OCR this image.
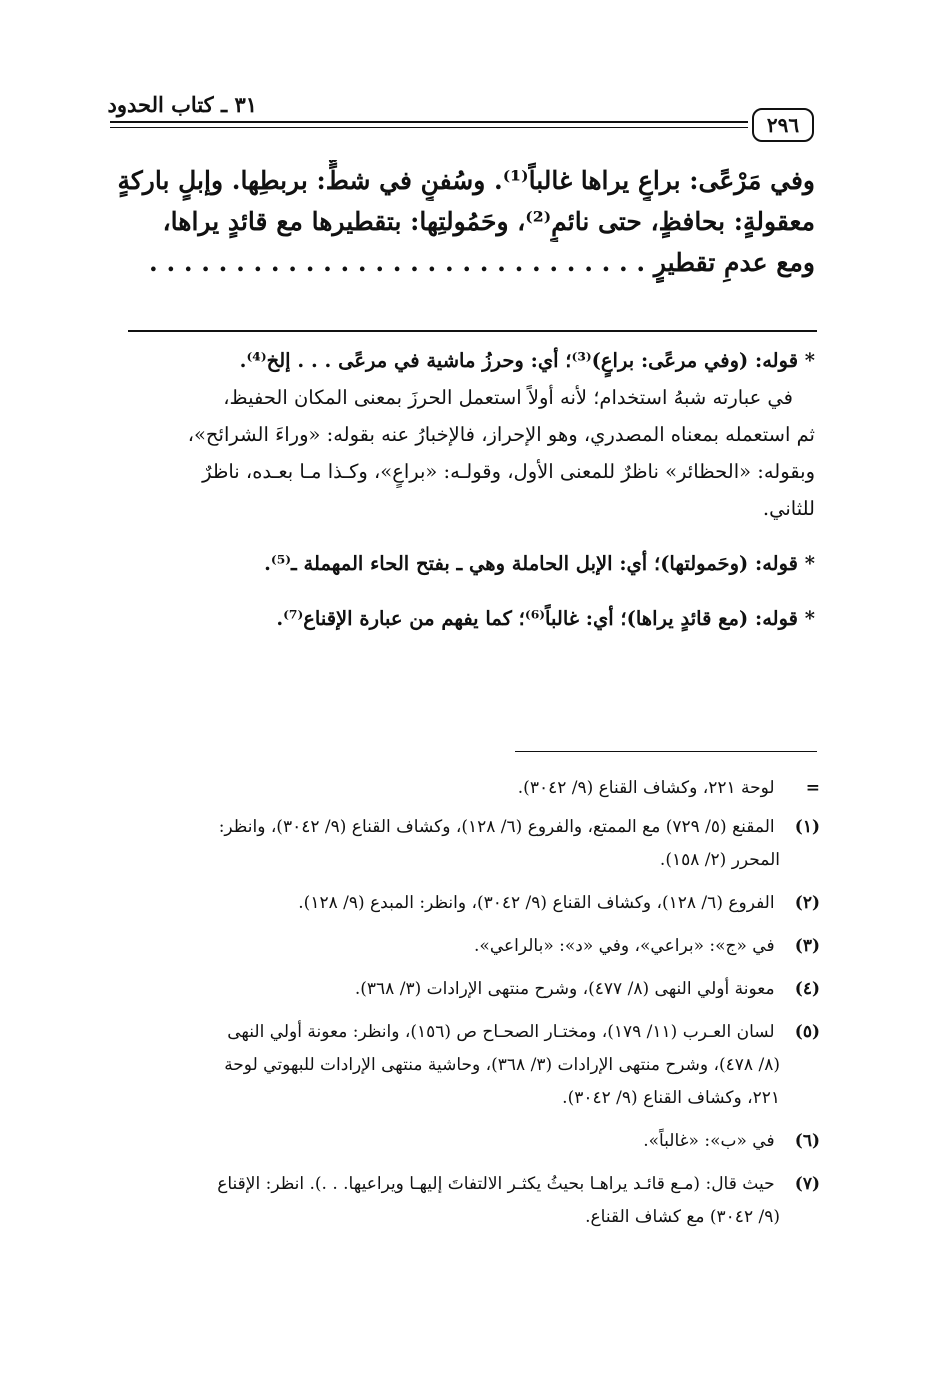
٣١ ـ كتاب الحدود
٢٩٦
وفي مَرْعًى: براعٍ يراها غالباً⁽¹⁾. وسُفنٍ في شطٍّ: بربطِها. وإبلٍ باركةٍ
معقولةٍ: بحافظٍ، حتى نائمٍ⁽²⁾، وحَمُولتِها: بتقطيرها مع قائدٍ يراها،
ومع عدمِ تقطيرٍ . . . . . . . . . . . . . . . . . . . . . . . . . . . . .
* قوله: (وفي مرعًى: براعٍ)⁽³⁾؛ أي: وحرزُ ماشية في مرعًى . . . إلخ⁽⁴⁾.
في عبارته شبهُ استخدام؛ لأنه أولاً استعمل الحرزَ بمعنى المكان الحفيظ،
ثم استعمله بمعناه المصدري، وهو الإحراز، فالإخبارُ عنه بقوله: «وراءَ الشرائح»،
وبقوله: «الحظائر» ناظرٌ للمعنى الأول، وقولـه: «براعٍ»، وكـذا مـا بعـده، ناظرٌ
للثاني.
* قوله: (وحَمولتها)؛ أي: الإبل الحاملة وهي ـ بفتح الحاء المهملة ـ⁽⁵⁾.
* قوله: (مع قائدٍ يراها)؛ أي: غالباً⁽⁶⁾؛ كما يفهم من عبارة الإقناع⁽⁷⁾.
= لوحة ٢٢١، وكشاف القناع (٩/ ٣٠٤٢).
(١) المقنع (٥/ ٧٢٩) مع الممتع، والفروع (٦/ ١٢٨)، وكشاف القناع (٩/ ٣٠٤٢)، وانظر:
المحرر (٢/ ١٥٨).
(٢) الفروع (٦/ ١٢٨)، وكشاف القناع (٩/ ٣٠٤٢)، وانظر: المبدع (٩/ ١٢٨).
(٣) في «ج»: «براعي»، وفي «د»: «بالراعي».
(٤) معونة أولي النهى (٨/ ٤٧٧)، وشرح منتهى الإرادات (٣/ ٣٦٨).
(٥) لسان العـرب (١١/ ١٧٩)، ومختـار الصحـاح ص (١٥٦)، وانظر: معونة أولي النهى
(٨/ ٤٧٨)، وشرح منتهى الإرادات (٣/ ٣٦٨)، وحاشية منتهى الإرادات للبهوتي لوحة
٢٢١، وكشاف القناع (٩/ ٣٠٤٢).
(٦) في «ب»: «غالباً».
(٧) حيث قال: (مـع قائـد يراهـا بحيثُ يكثـر الالتفاتَ إليهـا ويراعيها. . .). انظر: الإقناع
(٩/ ٣٠٤٢) مع كشاف القناع.
